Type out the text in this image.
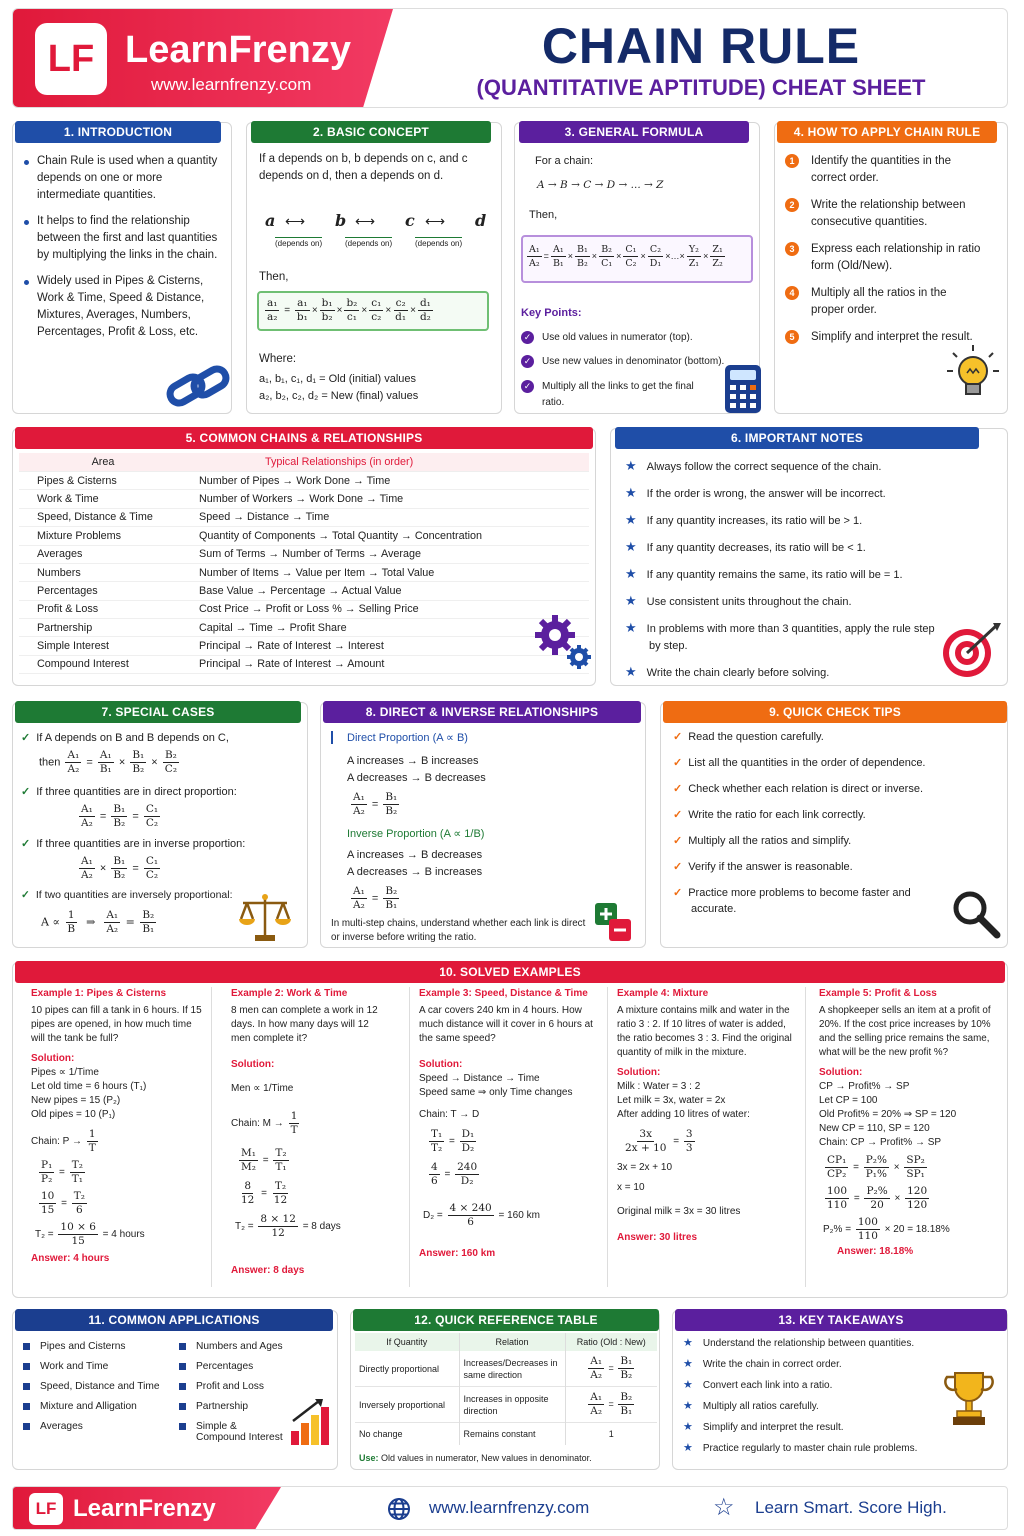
LF LearnFrenzy
www.learnfrenzy.com
CHAIN RULE
(QUANTITATIVE APTITUDE) CHEAT SHEET
1. INTRODUCTION
Chain Rule is used when a quantity depends on one or more intermediate quantities.
It helps to find the relationship between the first and last quantities by multiplying the links in the chain.
Widely used in Pipes & Cisterns, Work & Time, Speed & Distance, Mixtures, Averages, Numbers, Percentages, Profit & Loss, etc.
2. BASIC CONCEPT
If a depends on b, b depends on c, and c depends on d, then a depends on d.
a ⟷ b ⟷ c ⟷ d
(depends on)	(depends on)	(depends on)
Then,
$\frac{\text{a₁}}{\text{a₂}} = \frac{\text{a₁}}{\text{b₁}} \times \frac{\text{b₁}}{\text{b₂}} \times \frac{\text{b₂}}{\text{c₁}} \times \frac{\text{c₁}}{\text{c₂}} \times \frac{\text{c₂}}{\text{d₁}} \times \frac{\text{d₁}}{\text{d₂}}$
Where:
a₁, b₁, c₁, d₁ = Old (initial) values
a₂, b₂, c₂, d₂ = New (final) values
3. GENERAL FORMULA
For a chain:
A → B → C → D → ... → Z
Then,
$\frac{\text{A₁}}{\text{A₂}} = \frac{\text{A₁}}{\text{B₁}} \times \frac{\text{B₁}}{\text{B₂}} \times \frac{\text{B₂}}{\text{C₁}} \times \frac{\text{C₁}}{\text{C₂}} \times \frac{\text{C₂}}{\text{D₁}}$ ×…× $\frac{\text{Y₂}}{\text{Z₁}} \times \frac{\text{Z₁}}{\text{Z₂}}$
Key Points:
✓ Use old values in numerator (top).
✓ Use new values in denominator (bottom).
✓ Multiply all the links to get the final ratio.
4. HOW TO APPLY CHAIN RULE
1	Identify the quantities in the correct order.
2	Write the relationship between consecutive quantities.
3	Express each relationship in ratio form (Old/New).
4	Multiply all the ratios in the proper order.
5	Simplify and interpret the result.
5. COMMON CHAINS & RELATIONSHIPS
Area	Typical Relationships (in order)
Pipes & Cisterns	Number of Pipes → Work Done → Time
Work & Time	Number of Workers → Work Done → Time
Speed, Distance & Time	Speed → Distance → Time
Mixture Problems	Quantity of Components → Total Quantity → Concentration
Averages	Sum of Terms → Number of Terms → Average
Numbers	Number of Items → Value per Item → Total Value
Percentages	Base Value → Percentage → Actual Value
Profit & Loss	Cost Price → Profit or Loss % → Selling Price
Partnership	Capital → Time → Profit Share
Simple Interest	Principal → Rate of Interest → Interest
Compound Interest	Principal → Rate of Interest → Amount
6. IMPORTANT NOTES
★ Always follow the correct sequence of the chain.
★ If the order is wrong, the answer will be incorrect.
★ If any quantity increases, its ratio will be > 1.
★ If any quantity decreases, its ratio will be < 1.
★ If any quantity remains the same, its ratio will be = 1.
★ Use consistent units throughout the chain.
★ In problems with more than 3 quantities, apply the rule step by step.
★ Write the chain clearly before solving.
7. SPECIAL CASES
✓ If A depends on B and B depends on C,
then $\frac{\text{A₁}}{\text{A₂}} = \frac{\text{A₁}}{\text{B₁}} \times \frac{\text{B₁}}{\text{B₂}} \times \frac{\text{B₂}}{\text{C₂}}$
✓ If three quantities are in direct proportion:
$\frac{\text{A₁}}{\text{A₂}} = \frac{\text{B₁}}{\text{B₂}} = \frac{\text{C₁}}{\text{C₂}}$
✓ If three quantities are in inverse proportion:
$\frac{\text{A₁}}{\text{A₂}} \times \frac{\text{B₁}}{\text{B₂}} = \frac{\text{C₁}}{\text{C₂}}$
✓ If two quantities are inversely proportional:
$A \propto \frac{1}{B}$ ⇒ $\frac{\text{A₁}}{\text{A₂}} = \frac{\text{B₂}}{\text{B₁}}$
8. DIRECT & INVERSE RELATIONSHIPS
Direct Proportion (A ∝ B)
A increases → B increases
A decreases → B decreases
$\frac{\text{A₁}}{\text{A₂}} = \frac{\text{B₁}}{\text{B₂}}$
Inverse Proportion (A ∝ 1/B)
A increases → B decreases
A decreases → B increases
$\frac{\text{A₁}}{\text{A₂}} = \frac{\text{B₂}}{\text{B₁}}$
In multi-step chains, understand whether each link is direct or inverse before writing the ratio.
9. QUICK CHECK TIPS
✓ Read the question carefully.
✓ List all the quantities in the order of dependence.
✓ Check whether each relation is direct or inverse.
✓ Write the ratio for each link correctly.
✓ Multiply all the ratios and simplify.
✓ Verify if the answer is reasonable.
✓ Practice more problems to become faster and accurate.
10. SOLVED EXAMPLES
Example 1: Pipes & Cisterns
10 pipes can fill a tank in 6 hours. If 15 pipes are opened, in how much time will the tank be full?
Solution:
Pipes ∝ 1/Time
Let old time = 6 hours (T₁)
New pipes = 15 (P₂)
Old pipes = 10 (P₁)
Chain: $P \to \frac{1}{T}$
$\frac{\text{P₁}}{\text{P₂}} = \frac{\text{T₂}}{\text{T₁}}$
$\frac{10}{15} = \frac{\text{T₂}}{6}$
$T_2 = \frac{10 \times 6}{15} = 4$ hours
Answer: 4 hours
Example 2: Work & Time
8 men can complete a work in 12 days. In how many days will 12 men complete it?
Solution:
Men ∝ 1/Time
Chain: $M \to \frac{1}{T}$
$\frac{\text{M₁}}{\text{M₂}} = \frac{\text{T₂}}{\text{T₁}}$
$\frac{8}{12} = \frac{\text{T₂}}{12}$
$T_2 = \frac{8 \times 12}{12} = 8$ days
Answer: 8 days
Example 3: Speed, Distance & Time
A car covers 240 km in 4 hours. How much distance will it cover in 6 hours at the same speed?
Solution:
Speed → Distance → Time
Speed same ⇒ only Time changes
Chain: T → D
$\frac{\text{T₁}}{\text{T₂}} = \frac{\text{D₁}}{\text{D₂}}$
$\frac{4}{6} = \frac{240}{\text{D₂}}$
$D_2 = \frac{4 \times 240}{6} = 160$ km
Answer: 160 km
Example 4: Mixture
A mixture contains milk and water in the ratio 3 : 2. If 10 litres of water is added, the ratio becomes 3 : 3. Find the original quantity of milk in the mixture.
Solution:
Milk : Water = 3 : 2
Let milk = 3x, water = 2x
After adding 10 litres of water:
$\frac{3x}{2x + 10} = \frac{3}{3}$
3x = 2x + 10
x = 10
Original milk = 3x = 30 litres
Answer: 30 litres
Example 5: Profit & Loss
A shopkeeper sells an item at a profit of 20%. If the cost price increases by 10% and the selling price remains the same, what will be the new profit %?
Solution:
CP → Profit% → SP
Let CP = 100
Old Profit% = 20% ⇒ SP = 120
New CP = 110, SP = 120
Chain: CP → Profit% → SP
$\frac{\text{CP₁}}{\text{CP₂}} = \frac{\text{P₂\%}}{\text{P₁\%}} \times \frac{\text{SP₂}}{\text{SP₁}}$
$\frac{100}{110} = \frac{\text{P₂\%}}{20} \times \frac{120}{120}$
$P_2\% = \frac{100}{110} \times 20 = 18.18\%$
Answer: 18.18%
11. COMMON APPLICATIONS
Pipes and Cisterns
Work and Time
Speed, Distance and Time
Mixture and Alligation
Averages
Numbers and Ages
Percentages
Profit and Loss
Partnership
Simple & Compound Interest
12. QUICK REFERENCE TABLE
If Quantity	Relation	Ratio (Old : New)
Directly proportional	Increases/Decreases in same direction	$\frac{\text{A₁}}{\text{A₂}} = \frac{\text{B₁}}{\text{B₂}}$

Inversely proportional	Increases in opposite direction	$\frac{\text{A₁}}{\text{A₂}} = \frac{\text{B₂}}{\text{B₁}}$

No change	Remains constant	1
Use: Old values in numerator, New values in denominator.
13. KEY TAKEAWAYS
★ Understand the relationship between quantities.
★ Write the chain in correct order.
★ Convert each link into a ratio.
★ Multiply all ratios carefully.
★ Simplify and interpret the result.
★ Practice regularly to master chain rule problems.
LF LearnFrenzy	www.learnfrenzy.com	☆ Learn Smart. Score High.
